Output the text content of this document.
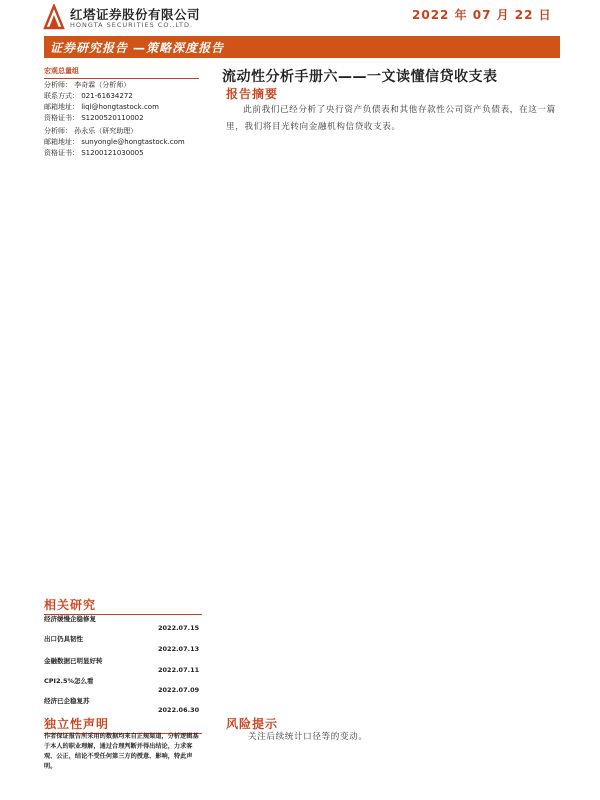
红塔证券股份有限公司
HONGTA SECURITIES CO.,LTD.
2022 年 07 月 22 日
证券研究报告 —策略深度报告
宏观总量组
分析师： 李奇霖（分析师）
联系方式： 021-61634272
邮箱地址： liql@hongtastock.com
资格证书： S1200520110002
分析师： 孙永乐（研究助理）
邮箱地址： sunyongle@hongtastock.com
资格证书： S1200121030005
流动性分析手册六——一文读懂信贷收支表
报告摘要
此前我们已经分析了央行资产负债表和其他存款性公司资产负债表，在这一篇里，我们将目光转向金融机构信贷收支表。
相关研究
经济缓慢企稳修复
2022.07.15
出口仍具韧性
2022.07.13
金融数据已明显好转
2022.07.11
CPI2.5%怎么看
2022.07.09
经济已企稳复苏
2022.06.30
独立性声明
作者保证报告所采用的数据均来自正规渠道，分析逻辑基于本人的职业理解，通过合理判断并得出结论，力求客观、公正，结论不受任何第三方的授意、影响，特此声明。
风险提示
关注后续统计口径等的变动。
